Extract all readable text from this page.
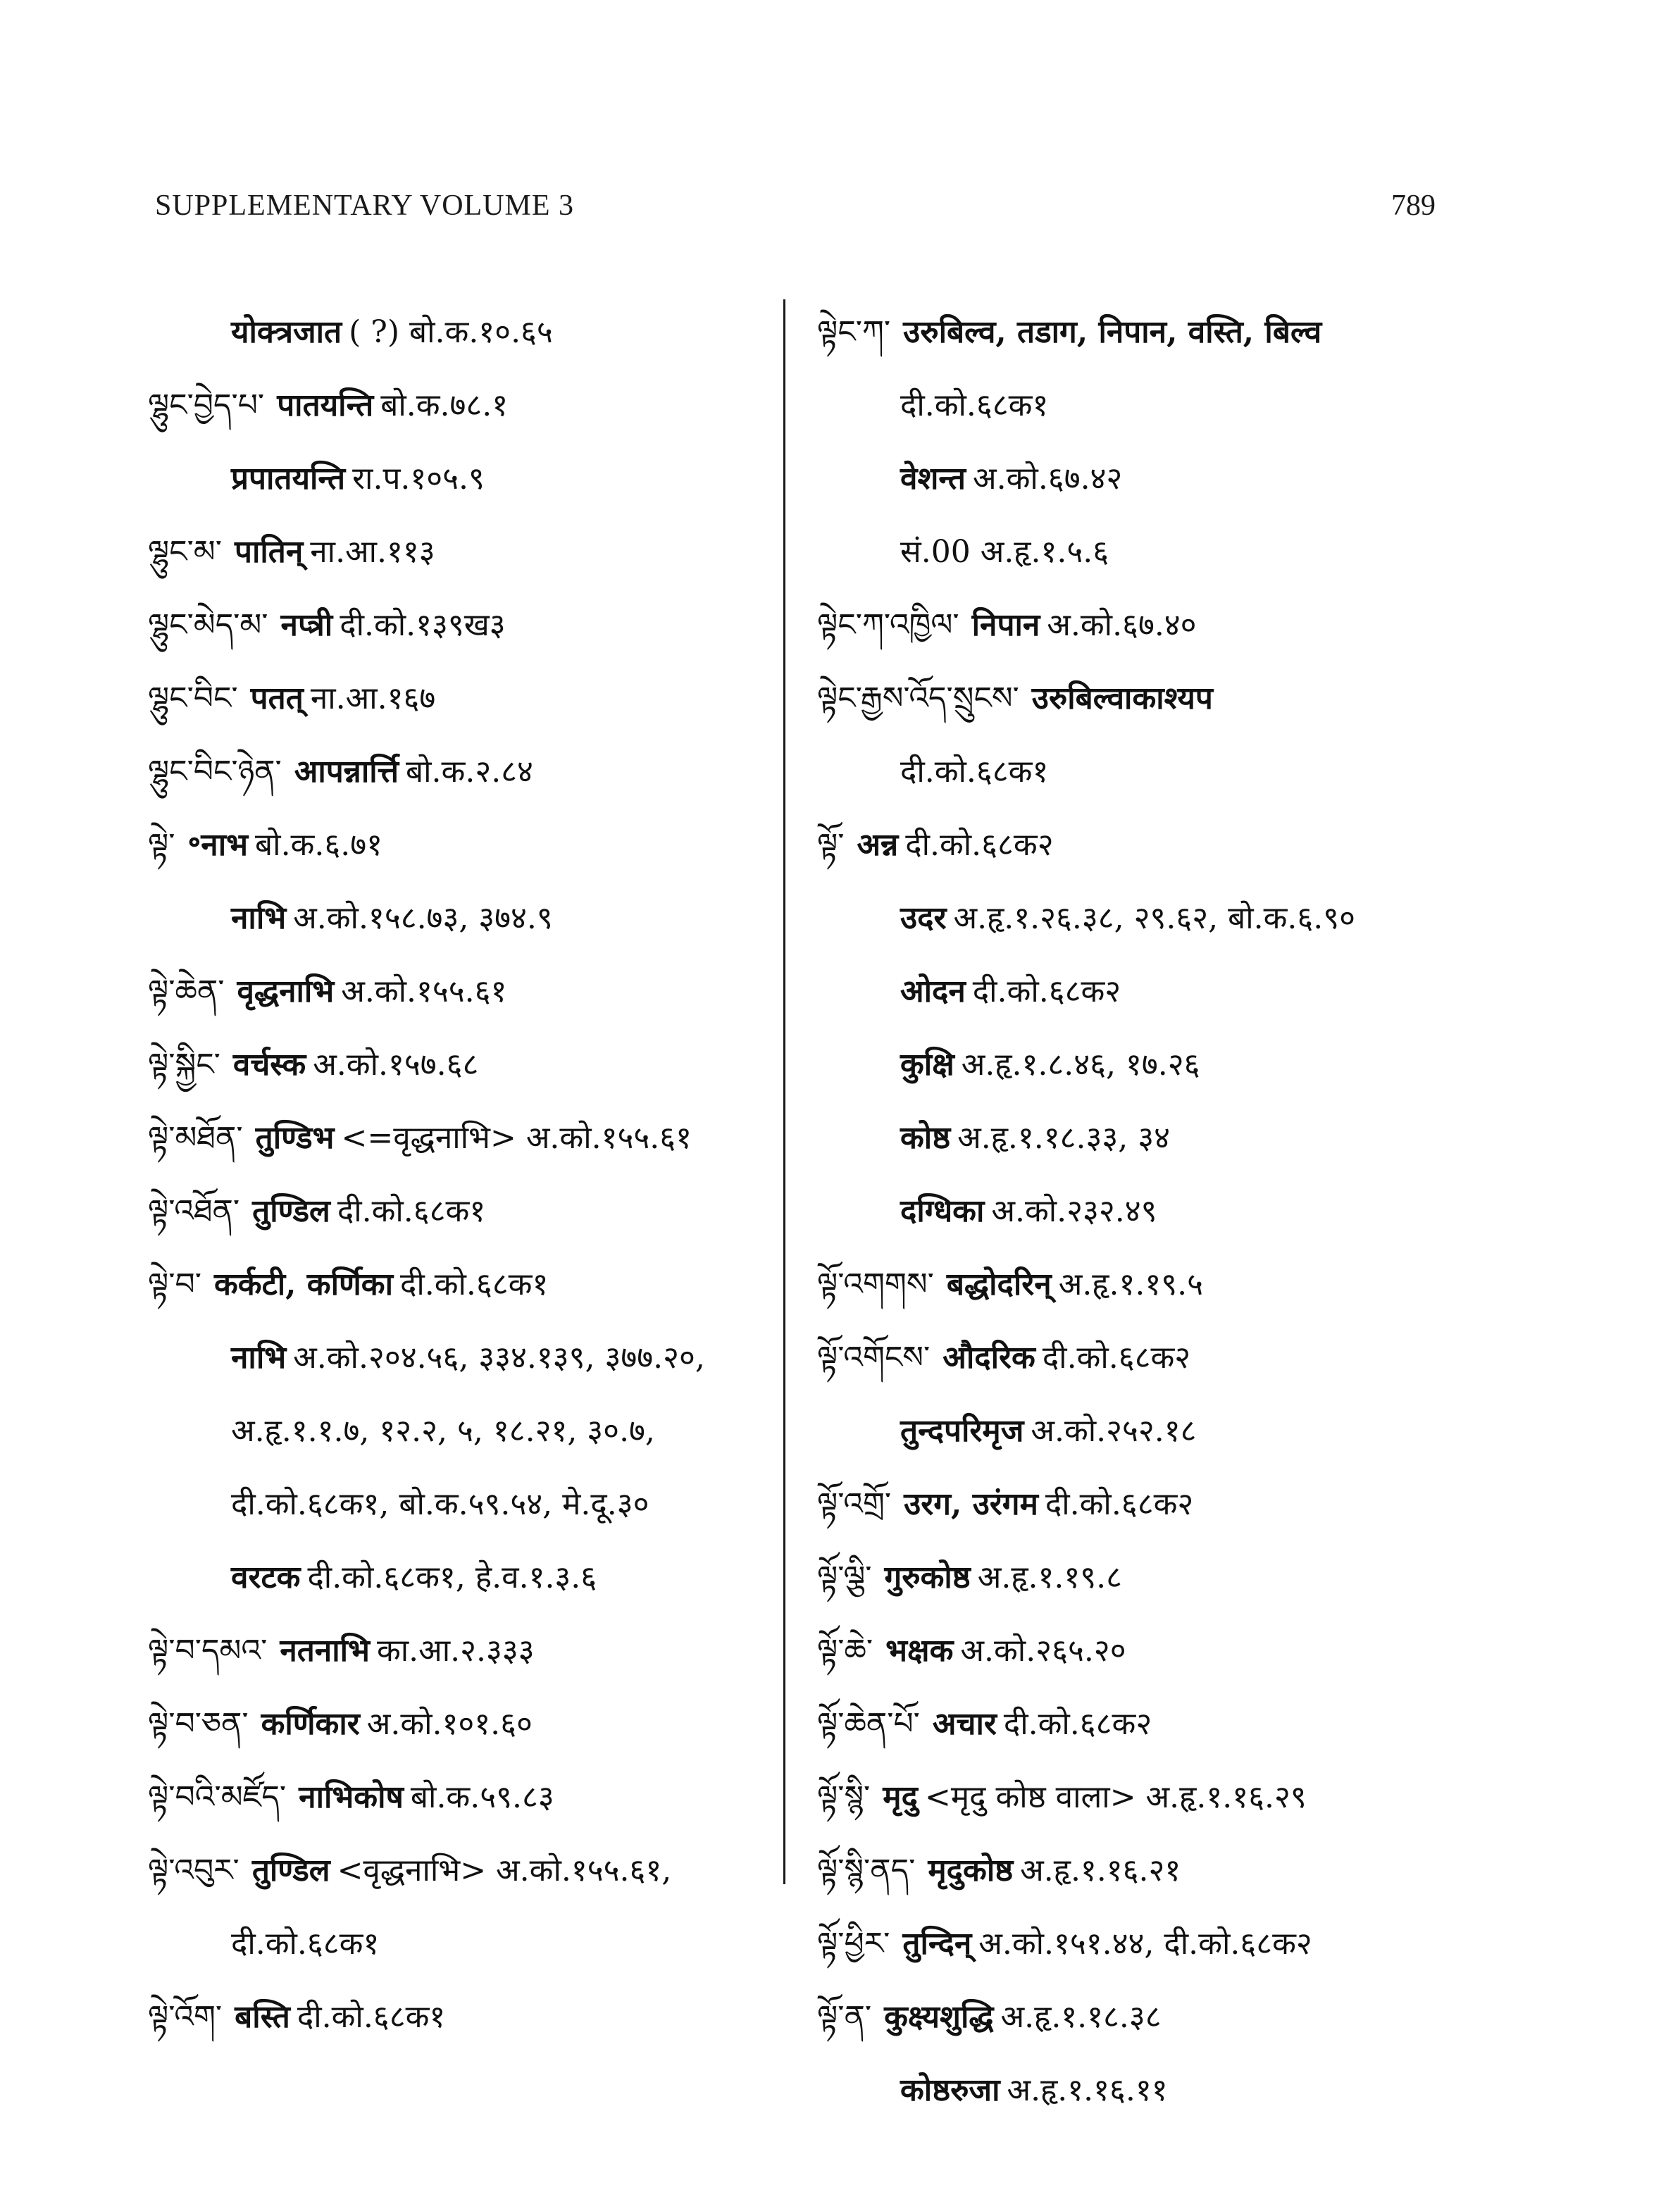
SUPPLEMENTARY VOLUME 3	789
योक्त्रजात ( ?) बो.क.१०.६५
ལྷུང་བྱེད་པ་ पातयन्ति बो.क.७८.१
प्रपातयन्ति रा.प.१०५.९
ལྷུང་མ་ पातिन् ना.आ.११३
ལྷུང་མེད་མ་ नप्त्री दी.को.१३९ख३
ལྷུང་བིང་ पतत् ना.आ.१६७
ལྷུང་བིང་ཉེན་ आपन्नार्त्ति बो.क.२.८४
ལྟེ་ ॰नाभ बो.क.६.७१
नाभि अ.को.१५८.७३, ३७४.९
ལྟེ་ཆེན་ वृद्धनाभि अ.को.१५५.६१
ལྟེ་སྐྱིང་ वर्चस्क अ.को.१५७.६८
ལྟེ་མཐོན་ तुण्डिभ <=वृद्धनाभि> अ.को.१५५.६१
ལྟེ་འཐོན་ तुण्डिल दी.को.६८क१
ལྟེ་བ་ कर्कटी, कर्णिका दी.को.६८क१
नाभि अ.को.२०४.५६, ३३४.१३९, ३७७.२०,
अ.हृ.१.१.७, १२.२, ५, १८.२१, ३०.७,
दी.को.६८क१, बो.क.५९.५४, मे.दू.३०
वरटक दी.को.६८क१, हे.व.१.३.६
ལྟེ་བ་དམའ་ नतनाभि का.आ.२.३३३
ལྟེ་བ་ཅན་ कर्णिकार अ.को.१०१.६०
ལྟེ་བའི་མཛོད་ नाभिकोष बो.क.५९.८३
ལྟེ་འབུར་ तुण्डिल <वृद्धनाभि> अ.को.१५५.६१,
दी.को.६८क१
ལྟེ་འོག་ बस्ति दी.को.६८क१
ལྟེང་ཀ་ उरुबिल्व, तडाग, निपान, वस्ति, बिल्व
दी.को.६८क१
वेशन्त अ.को.६७.४२
सं.00 अ.हृ.१.५.६
ལྟེང་ཀ་འཁྱིལ་ निपान अ.को.६७.४०
ལྟེང་རྒྱས་འོད་སྲུངས་ उरुबिल्वाकाश्यप
दी.को.६८क१
ལྟོ་ अन्न दी.को.६८क२
उदर अ.हृ.१.२६.३८, २९.६२, बो.क.६.९०
ओदन दी.को.६८क२
कुक्षि अ.हृ.१.८.४६, १७.२६
कोष्ठ अ.हृ.१.१८.३३, ३४
दग्धिका अ.को.२३२.४९
ལྟོ་འགགས་ बद्धोदरिन् अ.हृ.१.१९.५
ལྟོ་འགོངས་ औदरिक दी.को.६८क२
तुन्दपरिमृज अ.को.२५२.१८
ལྟོ་འགྲོ་ उरग, उरंगम दी.को.६८क२
ལྟོ་ལྕི་ गुरुकोष्ठ अ.हृ.१.१९.८
ལྟོ་ཆེ་ भक्षक अ.को.२६५.२०
ལྟོ་ཆེན་པོ་ अचार दी.को.६८क२
ལྟོ་སྙི་ मृदु <मृदु कोष्ठ वाला> अ.हृ.१.१६.२९
ལྟོ་སྙི་ནད་ मृदुकोष्ठ अ.हृ.१.१६.२१
ལྟོ་ཕྱིར་ तुन्दिन् अ.को.१५१.४४, दी.को.६८क२
ལྟོ་ན་ कुक्ष्यशुद्धि अ.हृ.१.१८.३८
कोष्ठरुजा अ.हृ.१.१६.११
